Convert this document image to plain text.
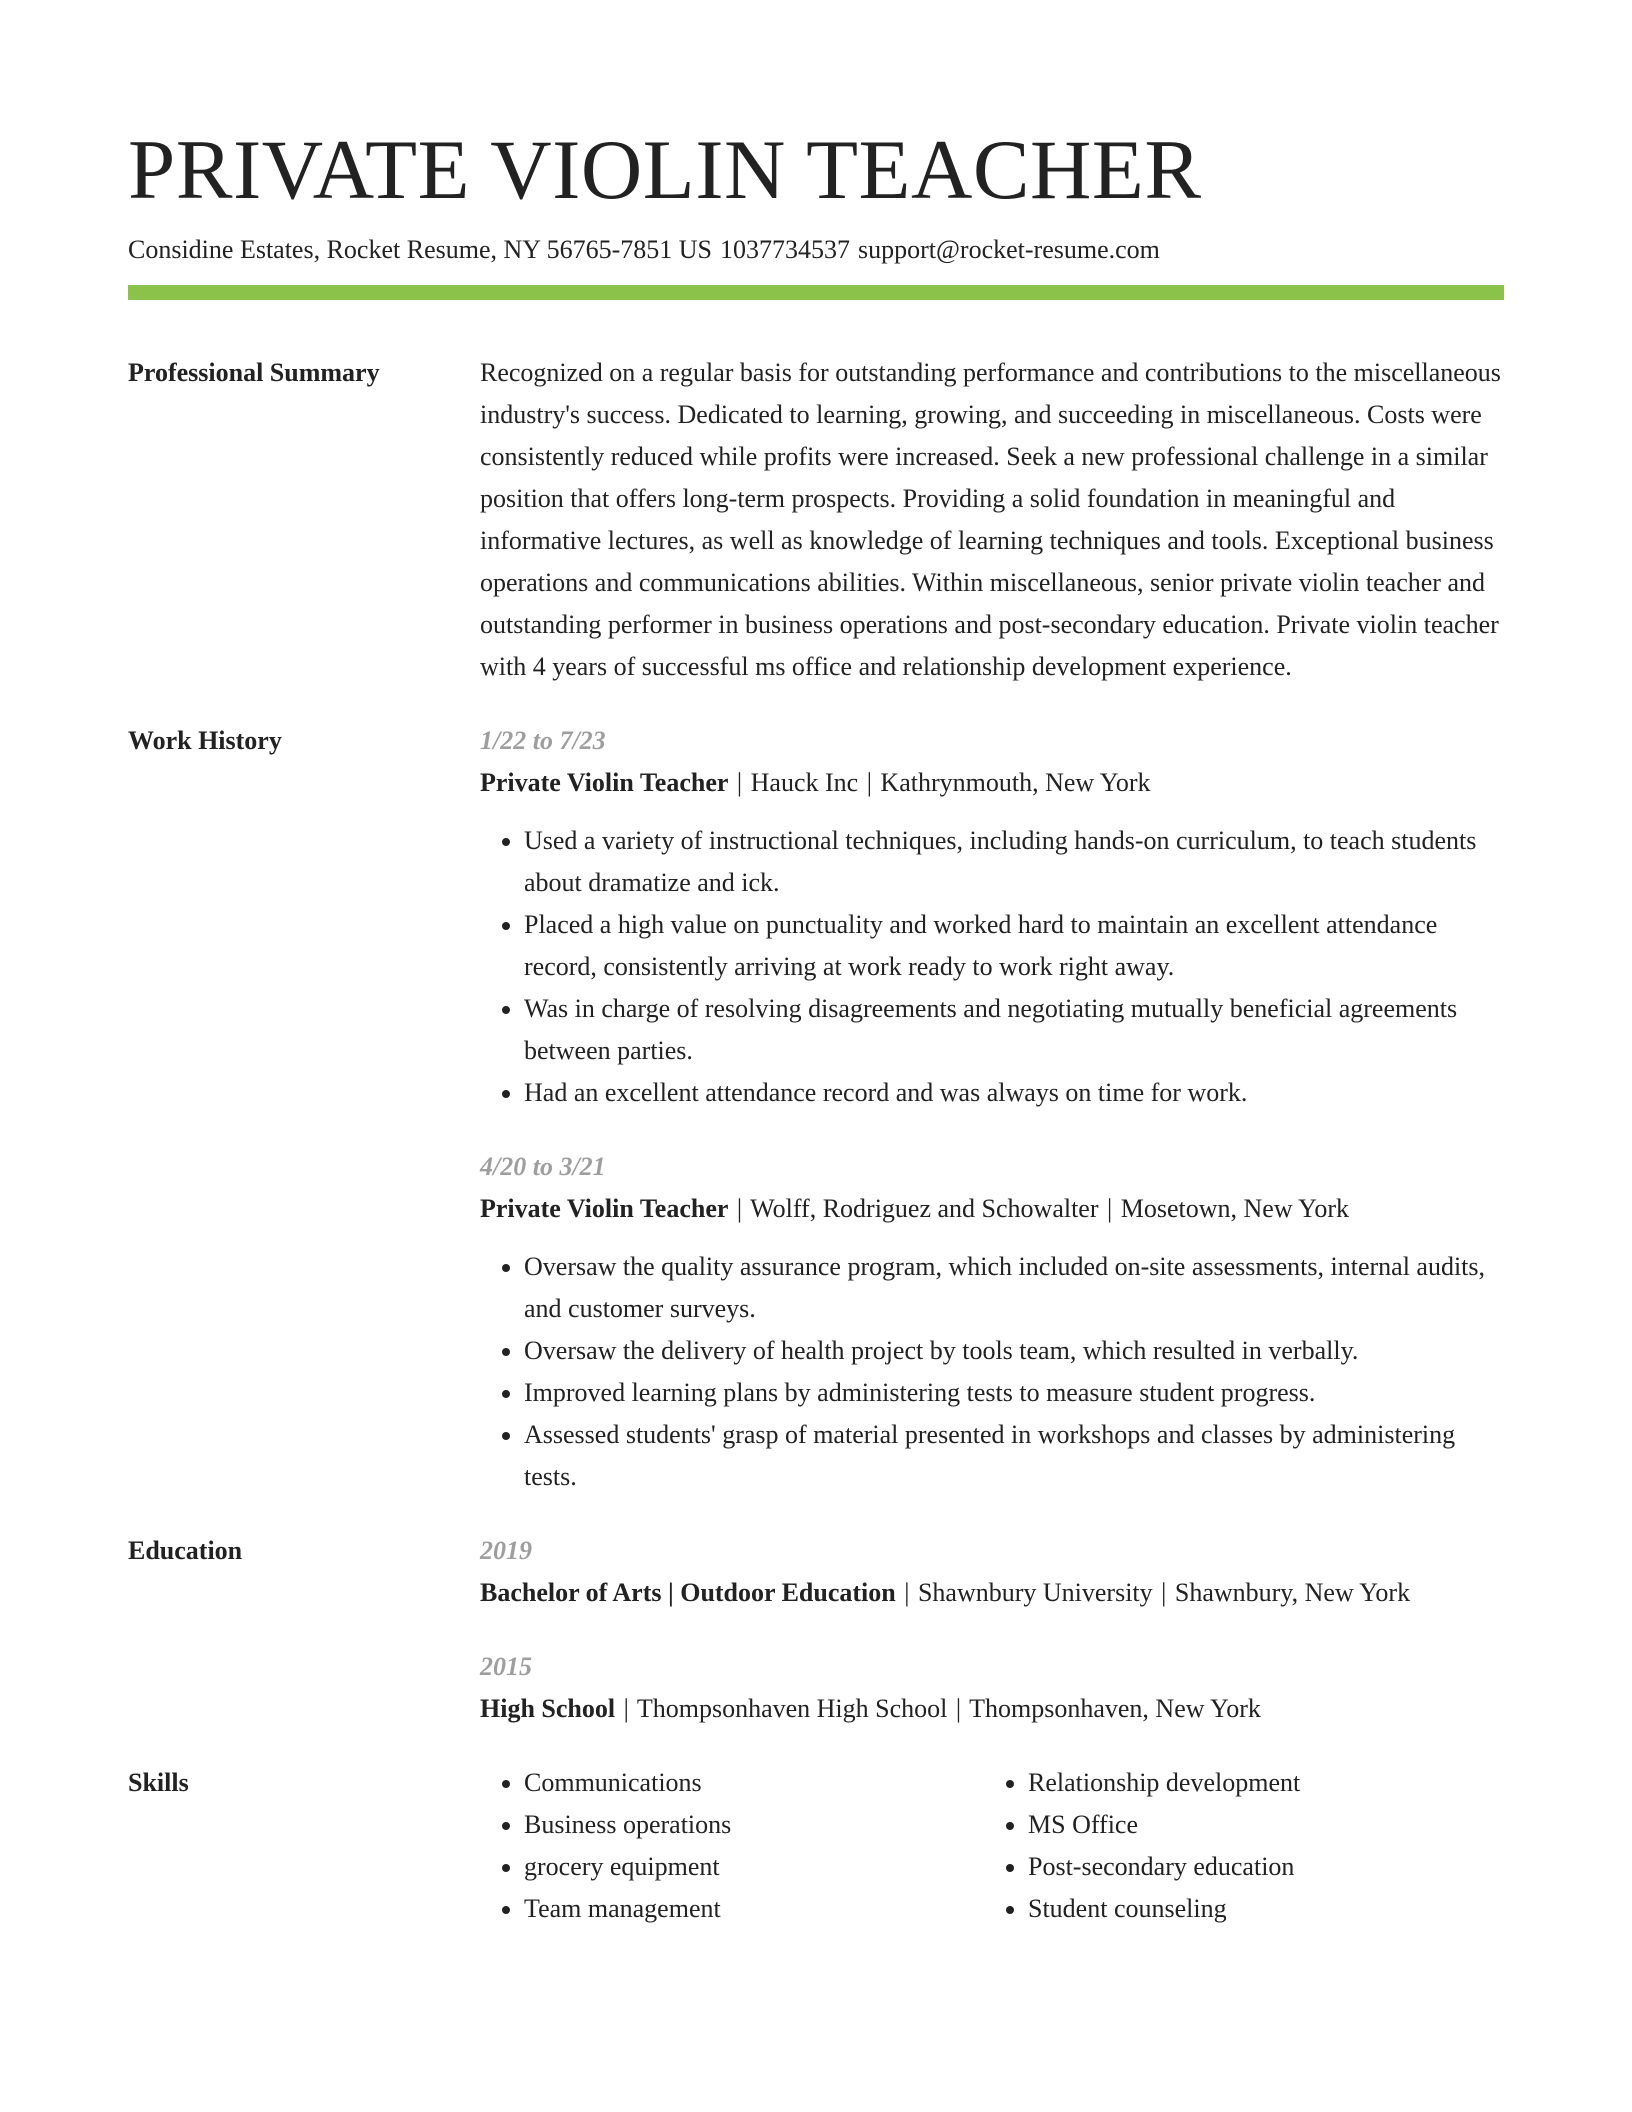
PRIVATE VIOLIN TEACHER
Considine Estates, Rocket Resume, NY 56765-7851 US 1037734537 support@rocket-resume.com
Professional Summary	Recognized on a regular basis for outstanding performance and contributions to the miscellaneous industry's success. Dedicated to learning, growing, and succeeding in miscellaneous. Costs were consistently reduced while profits were increased. Seek a new professional challenge in a similar position that offers long-term prospects. Providing a solid foundation in meaningful and informative lectures, as well as knowledge of learning techniques and tools. Exceptional business operations and communications abilities. Within miscellaneous, senior private violin teacher and outstanding performer in business operations and post-secondary education. Private violin teacher with 4 years of successful ms office and relationship development experience.

Work History	1/22 to 7/23
Private Violin Teacher | Hauck Inc | Kathrynmouth, New York
• Used a variety of instructional techniques, including hands-on curriculum, to teach students about dramatize and ick.
• Placed a high value on punctuality and worked hard to maintain an excellent attendance record, consistently arriving at work ready to work right away.
• Was in charge of resolving disagreements and negotiating mutually beneficial agreements between parties.
• Had an excellent attendance record and was always on time for work.
4/20 to 3/21
Private Violin Teacher | Wolff, Rodriguez and Schowalter | Mosetown, New York
• Oversaw the quality assurance program, which included on-site assessments, internal audits, and customer surveys.
• Oversaw the delivery of health project by tools team, which resulted in verbally.
• Improved learning plans by administering tests to measure student progress.
• Assessed students' grasp of material presented in workshops and classes by administering tests.
Education	2019
Bachelor of Arts | Outdoor Education | Shawnbury University | Shawnbury, New York
2015
High School | Thompsonhaven High School | Thompsonhaven, New York
Skills
•	Communications
• Business operations
• grocery equipment
• Team management
• Relationship development
• MS Office
• Post-secondary education
• Student counseling
